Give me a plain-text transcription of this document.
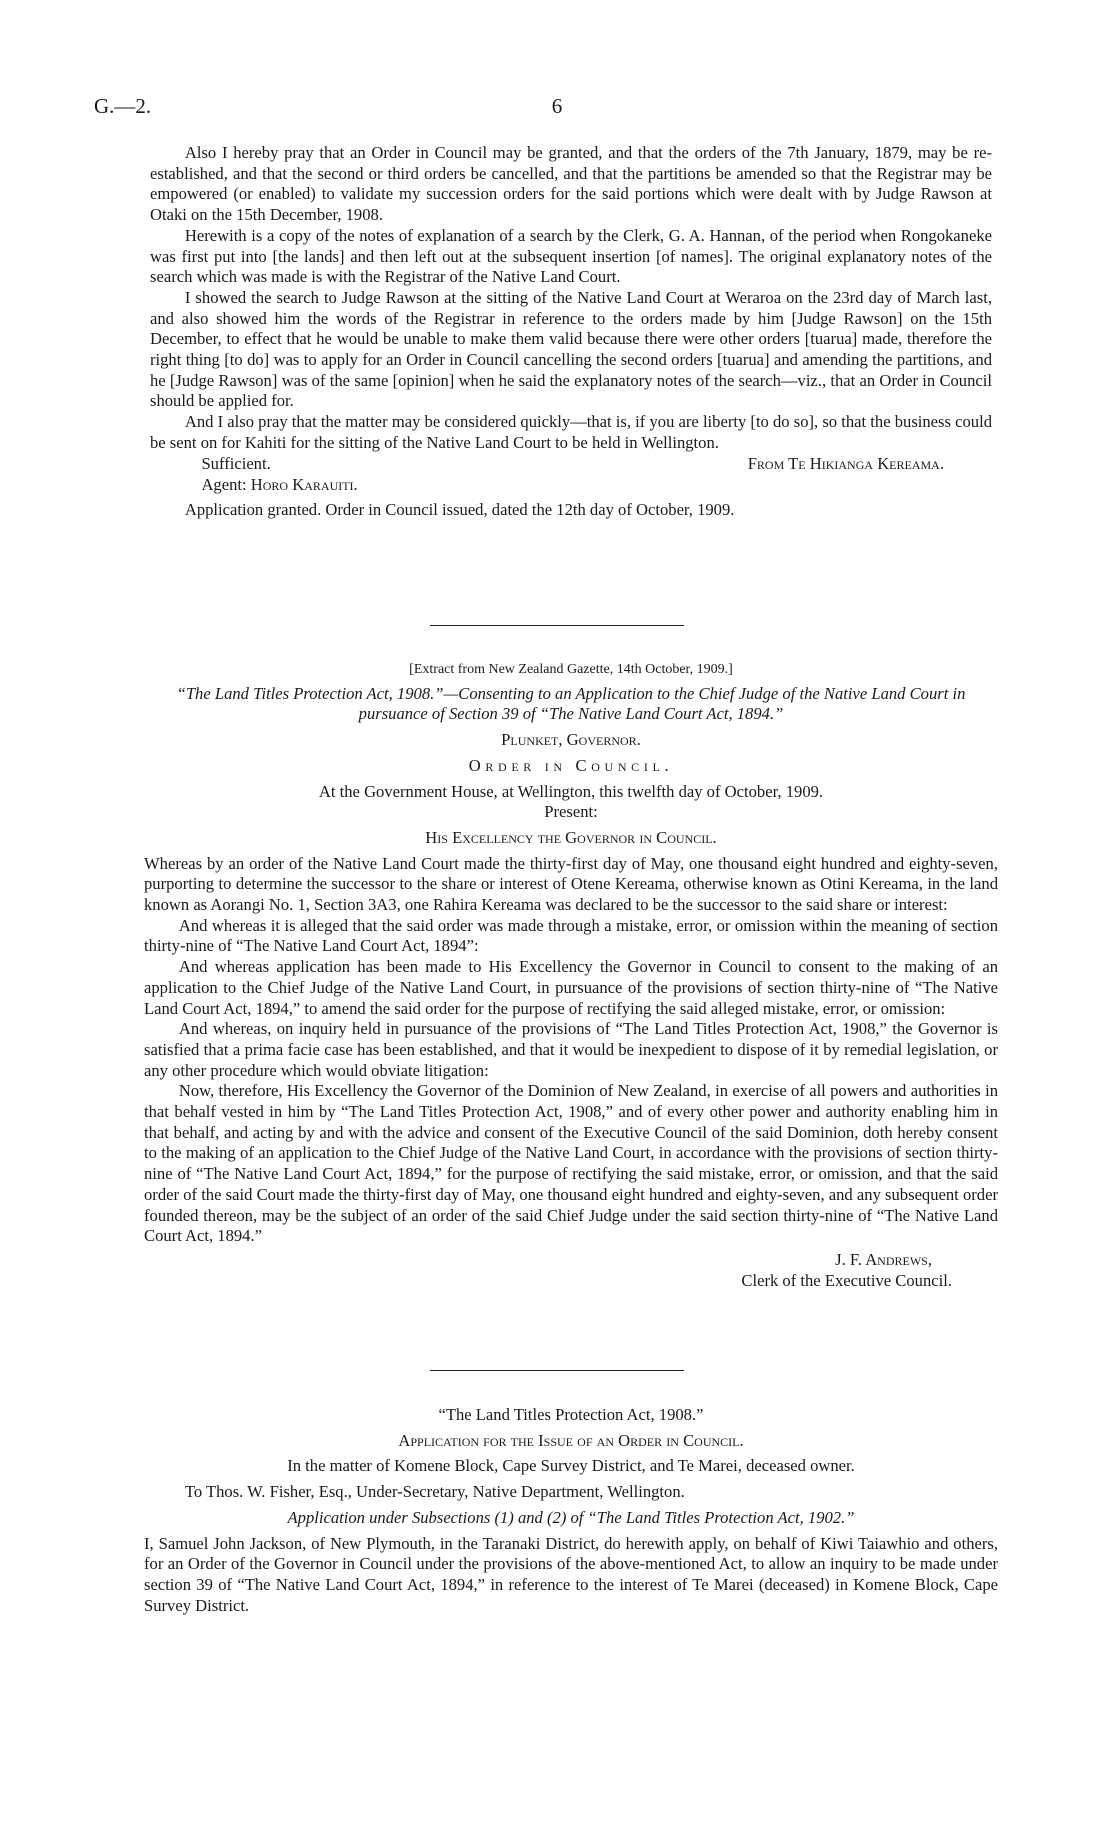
G.—2.	6

Also I hereby pray that an Order in Council may be granted, and that the orders of the 7th January, 1879, may be re-established, and that the second or third orders be cancelled, and that the partitions be amended so that the Registrar may be empowered (or enabled) to validate my succession orders for the said portions which were dealt with by Judge Rawson at Otaki on the 15th December, 1908.

Herewith is a copy of the notes of explanation of a search by the Clerk, G. A. Hannan, of the period when Rongokaneke was first put into [the lands] and then left out at the subsequent insertion [of names]. The original explanatory notes of the search which was made is with the Registrar of the Native Land Court.

I showed the search to Judge Rawson at the sitting of the Native Land Court at Weraroa on the 23rd day of March last, and also showed him the words of the Registrar in reference to the orders made by him [Judge Rawson] on the 15th December, to effect that he would be unable to make them valid because there were other orders [tuarua] made, therefore the right thing [to do] was to apply for an Order in Council cancelling the second orders [tuarua] and amending the partitions, and he [Judge Rawson] was of the same [opinion] when he said the explanatory notes of the search—viz., that an Order in Council should be applied for.

And I also pray that the matter may be considered quickly—that is, if you are liberty [to do so], so that the business could be sent on for Kahiti for the sitting of the Native Land Court to be held in Wellington.

Sufficient.	From Te Hikianga Kereama.
Agent: Horo Karauiti.

Application granted. Order in Council issued, dated the 12th day of October, 1909.

[Extract from New Zealand Gazette, 14th October, 1909.]

“The Land Titles Protection Act, 1908.”—Consenting to an Application to the Chief Judge of the Native Land Court in pursuance of Section 39 of “The Native Land Court Act, 1894.”

Plunket, Governor.

Order in Council.

At the Government House, at Wellington, this twelfth day of October, 1909.

Present:

His Excellency the Governor in Council.

Whereas by an order of the Native Land Court made the thirty-first day of May, one thousand eight hundred and eighty-seven, purporting to determine the successor to the share or interest of Otene Kereama, otherwise known as Otini Kereama, in the land known as Aorangi No. 1, Section 3A3, one Rahira Kereama was declared to be the successor to the said share or interest:

And whereas it is alleged that the said order was made through a mistake, error, or omission within the meaning of section thirty-nine of “The Native Land Court Act, 1894”:

And whereas application has been made to His Excellency the Governor in Council to consent to the making of an application to the Chief Judge of the Native Land Court, in pursuance of the provisions of section thirty-nine of “The Native Land Court Act, 1894,” to amend the said order for the purpose of rectifying the said alleged mistake, error, or omission:

And whereas, on inquiry held in pursuance of the provisions of “The Land Titles Protection Act, 1908,” the Governor is satisfied that a prima facie case has been established, and that it would be inexpedient to dispose of it by remedial legislation, or any other procedure which would obviate litigation:

Now, therefore, His Excellency the Governor of the Dominion of New Zealand, in exercise of all powers and authorities in that behalf vested in him by “The Land Titles Protection Act, 1908,” and of every other power and authority enabling him in that behalf, and acting by and with the advice and consent of the Executive Council of the said Dominion, doth hereby consent to the making of an application to the Chief Judge of the Native Land Court, in accordance with the provisions of section thirty-nine of “The Native Land Court Act, 1894,” for the purpose of rectifying the said mistake, error, or omission, and that the said order of the said Court made the thirty-first day of May, one thousand eight hundred and eighty-seven, and any subsequent order founded thereon, may be the subject of an order of the said Chief Judge under the said section thirty-nine of “The Native Land Court Act, 1894.”

J. F. Andrews,

Clerk of the Executive Council.

“The Land Titles Protection Act, 1908.”

Application for the Issue of an Order in Council.

In the matter of Komene Block, Cape Survey District, and Te Marei, deceased owner.

To Thos. W. Fisher, Esq., Under-Secretary, Native Department, Wellington.

Application under Subsections (1) and (2) of “The Land Titles Protection Act, 1902.”

I, Samuel John Jackson, of New Plymouth, in the Taranaki District, do herewith apply, on behalf of Kiwi Taiawhio and others, for an Order of the Governor in Council under the provisions of the above-mentioned Act, to allow an inquiry to be made under section 39 of “The Native Land Court Act, 1894,” in reference to the interest of Te Marei (deceased) in Komene Block, Cape Survey District.
